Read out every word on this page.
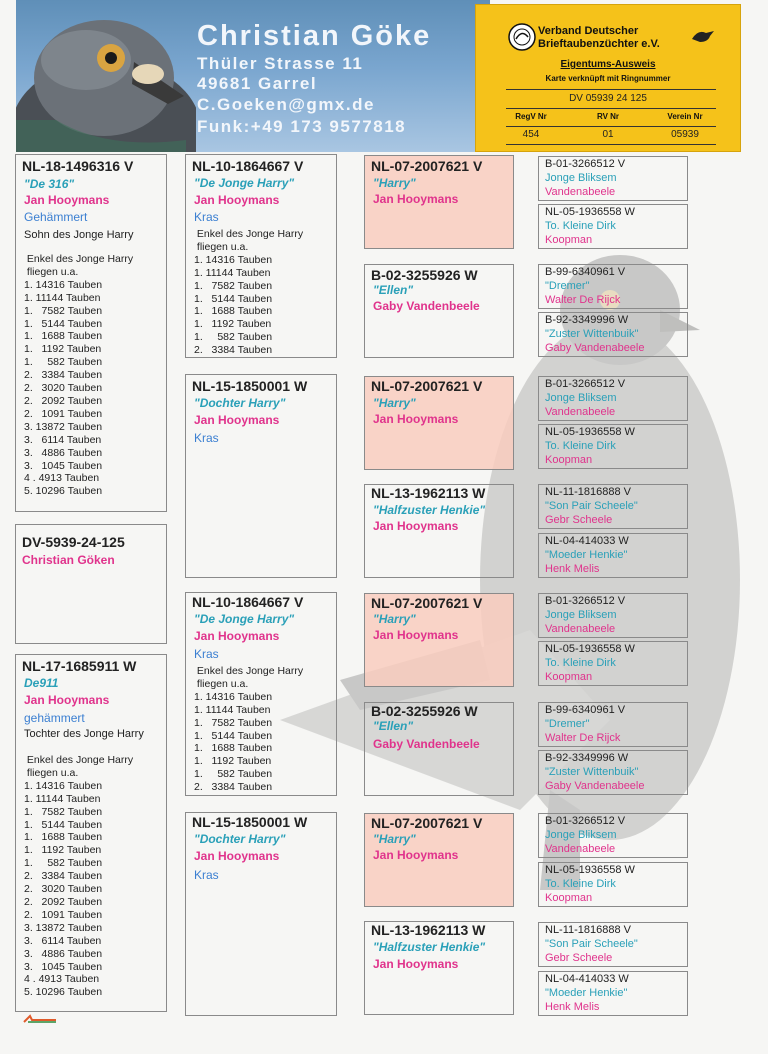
Christian Göke
Thüler Strasse 11
49681 Garrel
C.Goeken@gmx.de
Funk:+49 173 9577818
Verband Deutscher
Brieftaubenzüchter e.V.
Eigentums-Ausweis
Karte verknüpft mit Ringnummer
DV 05939 24 125
RegV Nr	RV Nr	Verein Nr
454	01	05939
NL-18-1496316 V
"De 316"
Jan Hooymans
Gehämmert
Sohn des Jonge Harry
Enkel des Jonge Harry
fliegen u.a.
1. 14316 Tauben
1. 11144 Tauben
1.   7582 Tauben
1.   5144 Tauben
1.   1688 Tauben
1.   1192 Tauben
1.     582 Tauben
2.   3384 Tauben
2.   3020 Tauben
2.   2092 Tauben
2.   1091 Tauben
3. 13872 Tauben
3.   6114 Tauben
3.   4886 Tauben
3.   1045 Tauben
4 . 4913 Tauben
5. 10296 Tauben
DV-5939-24-125
Christian Göken
NL-17-1685911 W
De911
Jan Hooymans
gehämmert
Tochter des Jonge Harry
Enkel des Jonge Harry
fliegen u.a.
1. 14316 Tauben
1. 11144 Tauben
1.   7582 Tauben
1.   5144 Tauben
1.   1688 Tauben
1.   1192 Tauben
1.     582 Tauben
2.   3384 Tauben
2.   3020 Tauben
2.   2092 Tauben
2.   1091 Tauben
3. 13872 Tauben
3.   6114 Tauben
3.   4886 Tauben
3.   1045 Tauben
4 . 4913 Tauben
5. 10296 Tauben
NL-10-1864667 V
"De Jonge Harry"
Jan Hooymans
Kras
Enkel des Jonge Harry
fliegen u.a.
1. 14316 Tauben
1. 11144 Tauben
1.   7582 Tauben
1.   5144 Tauben
1.   1688 Tauben
1.   1192 Tauben
1.     582 Tauben
2.   3384 Tauben
NL-15-1850001 W
"Dochter Harry"
Jan Hooymans
Kras
NL-10-1864667 V
"De Jonge Harry"
Jan Hooymans
Kras
Enkel des Jonge Harry
fliegen u.a.
1. 14316 Tauben
1. 11144 Tauben
1.   7582 Tauben
1.   5144 Tauben
1.   1688 Tauben
1.   1192 Tauben
1.     582 Tauben
2.   3384 Tauben
NL-15-1850001 W
"Dochter Harry"
Jan Hooymans
Kras
NL-07-2007621 V
"Harry"
Jan Hooymans
B-02-3255926 W
"Ellen"
Gaby Vandenbeele
NL-07-2007621 V
"Harry"
Jan Hooymans
NL-13-1962113 W
"Halfzuster Henkie"
Jan Hooymans
NL-07-2007621 V
"Harry"
Jan Hooymans
B-02-3255926 W
"Ellen"
Gaby Vandenbeele
NL-07-2007621 V
"Harry"
Jan Hooymans
NL-13-1962113 W
"Halfzuster Henkie"
Jan Hooymans
B-01-3266512 V
Jonge Bliksem
Vandenabeele
NL-05-1936558 W
To. Kleine Dirk
Koopman
B-99-6340961 V
"Dremer"
Walter De Rijck
B-92-3349996 W
"Zuster Wittenbuik"
Gaby Vandenabeele
B-01-3266512 V
Jonge Bliksem
Vandenabeele
NL-05-1936558 W
To. Kleine Dirk
Koopman
NL-11-1816888 V
"Son Pair Scheele"
Gebr Scheele
NL-04-414033 W
"Moeder Henkie"
Henk Melis
B-01-3266512 V
Jonge Bliksem
Vandenabeele
NL-05-1936558 W
To. Kleine Dirk
Koopman
B-99-6340961 V
"Dremer"
Walter De Rijck
B-92-3349996 W
"Zuster Wittenbuik"
Gaby Vandenabeele
B-01-3266512 V
Jonge Bliksem
Vandenabeele
NL-05-1936558 W
To. Kleine Dirk
Koopman
NL-11-1816888 V
"Son Pair Scheele"
Gebr Scheele
NL-04-414033 W
"Moeder Henkie"
Henk Melis
